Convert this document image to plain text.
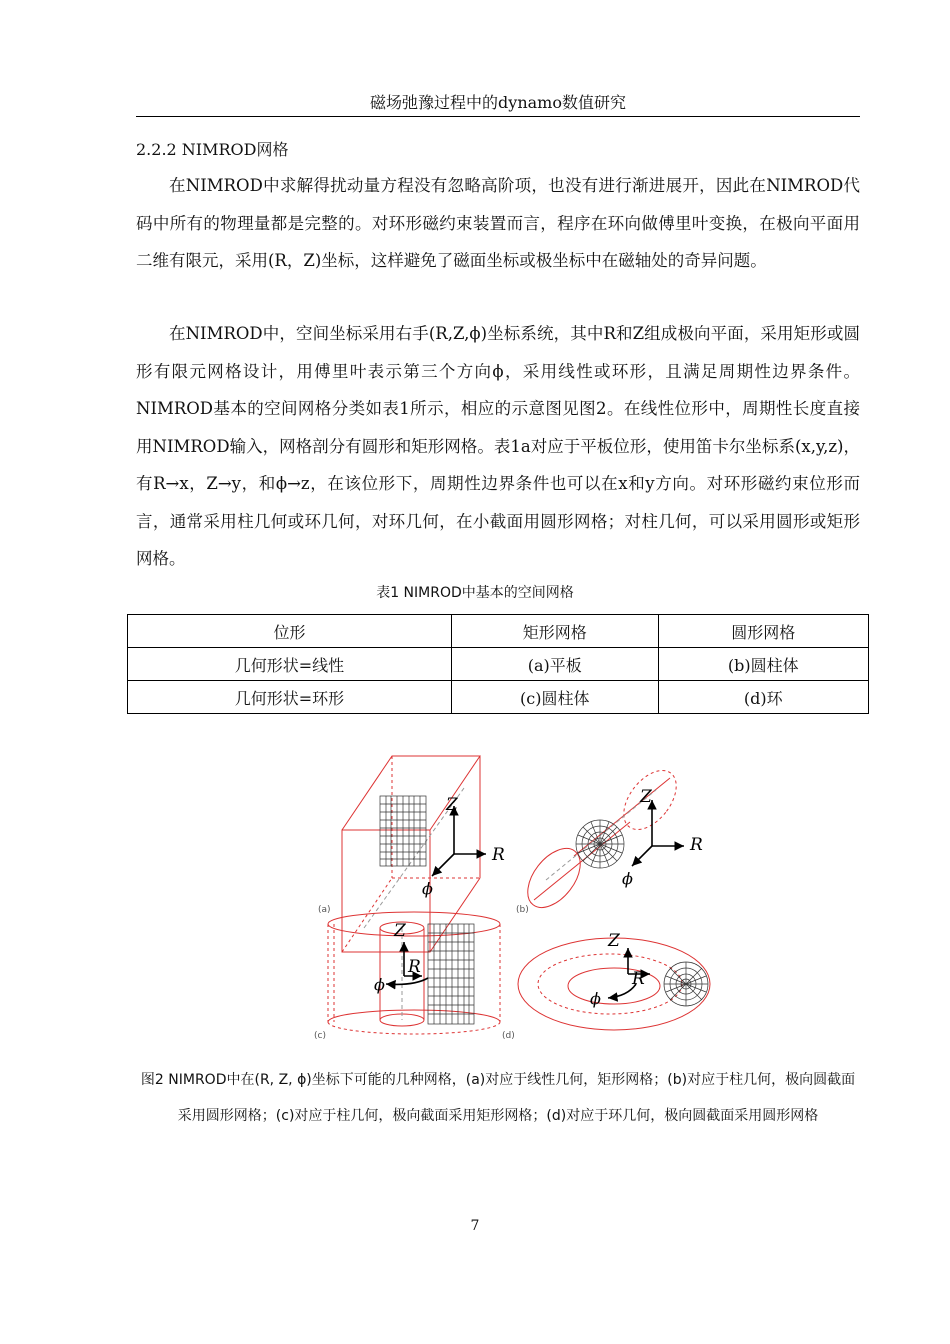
磁场弛豫过程中的dynamo数值研究
2.2.2 NIMROD网格

在NIMROD中求解得扰动量方程没有忽略高阶项，也没有进行渐进展开，因此在NIMROD代码中所有的物理量都是完整的。对环形磁约束装置而言，程序在环向做傅里叶变换，在极向平面用二维有限元，采用(R，Z)坐标，这样避免了磁面坐标或极坐标中在磁轴处的奇异问题。

在NIMROD中，空间坐标采用右手(R,Z,ϕ)坐标系统，其中R和Z组成极向平面，采用矩形或圆形有限元网格设计，用傅里叶表示第三个方向ϕ，采用线性或环形，且满足周期性边界条件。NIMROD基本的空间网格分类如表1所示，相应的示意图见图2。在线性位形中，周期性长度直接用NIMROD输入，网格剖分有圆形和矩形网格。表1a对应于平板位形，使用笛卡尔坐标系(x,y,z)，有R→x，Z→y，和ϕ→z，在该位形下，周期性边界条件也可以在x和y方向。对环形磁约束位形而言，通常采用柱几何或环几何，对环几何，在小截面用圆形网格；对柱几何，可以采用圆形或矩形网格。

表1 NIMROD中基本的空间网格
位形	矩形网格	圆形网格
几何形状=线性	(a)平板	(b)圆柱体
几何形状=环形	(c)圆柱体	(d)环
Z
R
ϕ
(a)
Z
R
ϕ
(b)
Z
R
ϕ
(c)
Z
R
ϕ
(d)
图2 NIMROD中在(R, Z, ϕ)坐标下可能的几种网格，(a)对应于线性几何，矩形网格；(b)对应于柱几何，极向圆截面采用圆形网格；(c)对应于柱几何，极向截面采用矩形网格；(d)对应于环几何，极向圆截面采用圆形网格
7
